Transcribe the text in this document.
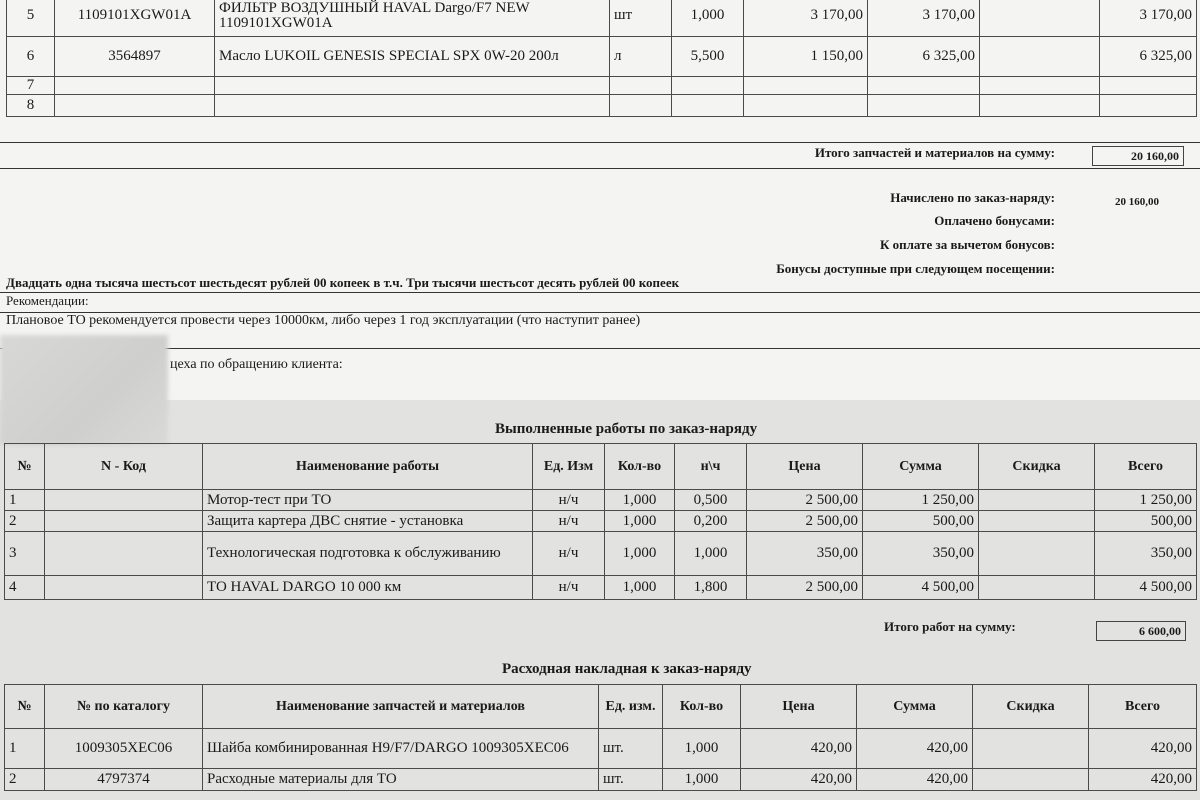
5	1109101XGW01A	ФИЛЬТР ВОЗДУШНЫЙ HAVAL Dargo/F7 NEW 1109101XGW01A	шт	1,000	3 170,00	3 170,00		3 170,00
6	3564897	Масло LUKOIL GENESIS SPECIAL SPX 0W-20 200л	л	5,500	1 150,00	6 325,00		6 325,00
7								
8								
Итого запчастей и материалов на сумму:	20 160,00
Начислено по заказ-наряду:	20 160,00
Оплачено бонусами:
К оплате за вычетом бонусов:
Бонусы доступные при следующем посещении:
Двадцать одна тысяча шестьсот шестьдесят рублей 00 копеек в т.ч. Три тысячи шестьсот десять рублей 00 копеек
Рекомендации:
Плановое ТО рекомендуется провести через 10000км, либо через 1 год эксплуатации (что наступит ранее)
цеха по обращению клиента:
Выполненные работы по заказ-наряду
№	N - Код	Наименование работы	Ед. Изм	Кол-во	н\ч	Цена	Сумма	Скидка	Всего
1		Мотор-тест при ТО	н/ч	1,000	0,500	2 500,00	1 250,00		1 250,00
2		Защита картера ДВС снятие - установка	н/ч	1,000	0,200	2 500,00	500,00		500,00
3		Технологическая подготовка к обслуживанию	н/ч	1,000	1,000	350,00	350,00		350,00
4		ТО HAVAL DARGO 10 000 км	н/ч	1,000	1,800	2 500,00	4 500,00		4 500,00
Итого работ на сумму:	6 600,00
Расходная накладная к заказ-наряду
№	№ по каталогу	Наименование запчастей и материалов	Ед. изм.	Кол-во	Цена	Сумма	Скидка	Всего
1	1009305XEC06	Шайба комбинированная H9/F7/DARGO 1009305XEC06	шт.	1,000	420,00	420,00		420,00
2	4797374	Расходные материалы для ТО	шт.	1,000	420,00	420,00		420,00
